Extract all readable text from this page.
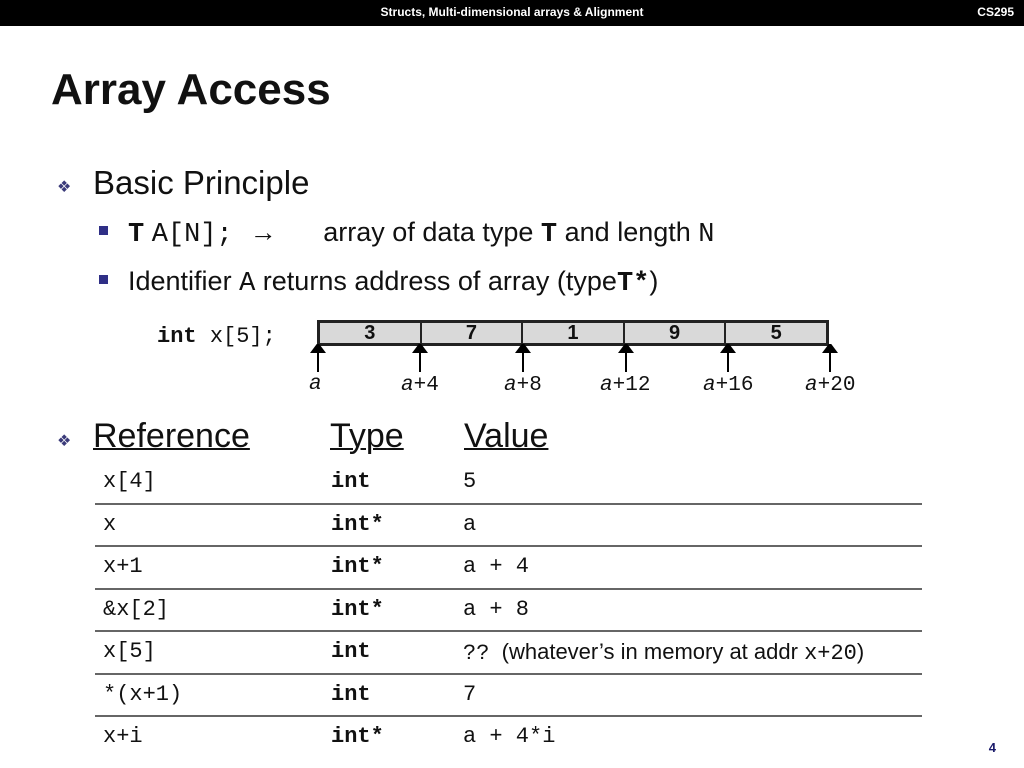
Structs, Multi-dimensional arrays & Alignment	CS295
Array Access
❖ Basic Principle
T A[N]; → array of data type T and length N
Identifier A returns address of array (typeT*)
int x[5];	3	7	1	9	5
a	a+4	a+8	a+12	a+16 a+20
❖ Reference Type Value
x[4]	int	5
x	int*	a
x+1	int*	a + 4
&x[2]	int*	a + 8
x[5]	int	?? (whatever’s in memory at addr x+20)
*(x+1)	int	7
x+i	int*	a + 4*i	4
